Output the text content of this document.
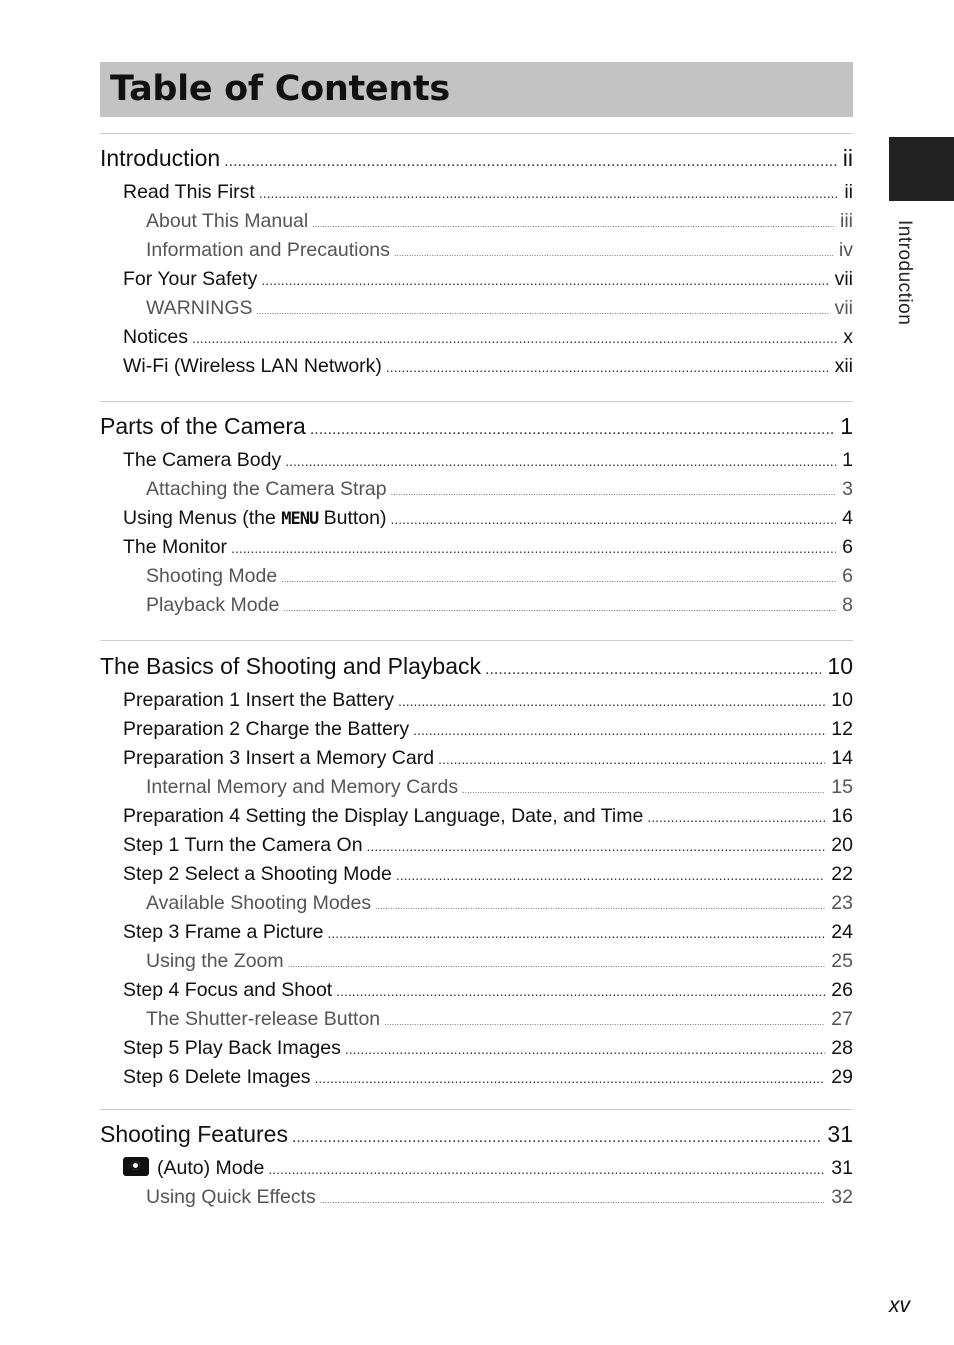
Table of Contents
Introduction
Introduction .....	ii
Read This First .....	ii
About This Manual .....	iii
Information and Precautions .....	iv
For Your Safety .....	vii
WARNINGS .....	vii
Notices .....	x
Wi-Fi (Wireless LAN Network) .....	xii
Parts of the Camera .....	1
The Camera Body .....	1
Attaching the Camera Strap .....	3
Using Menus (the MENU Button) .....	4
The Monitor .....	6
Shooting Mode .....	6
Playback Mode .....	8
The Basics of Shooting and Playback .....	10
Preparation 1 Insert the Battery .....	10
Preparation 2 Charge the Battery .....	12
Preparation 3 Insert a Memory Card .....	14
Internal Memory and Memory Cards .....	15
Preparation 4 Setting the Display Language, Date, and Time .....	16
Step 1 Turn the Camera On .....	20
Step 2 Select a Shooting Mode .....	22
Available Shooting Modes .....	23
Step 3 Frame a Picture .....	24
Using the Zoom .....	25
Step 4 Focus and Shoot .....	26
The Shutter-release Button .....	27
Step 5 Play Back Images .....	28
Step 6 Delete Images .....	29
Shooting Features .....	31
(Auto) Mode .....	31
Using Quick Effects .....	32
xv
